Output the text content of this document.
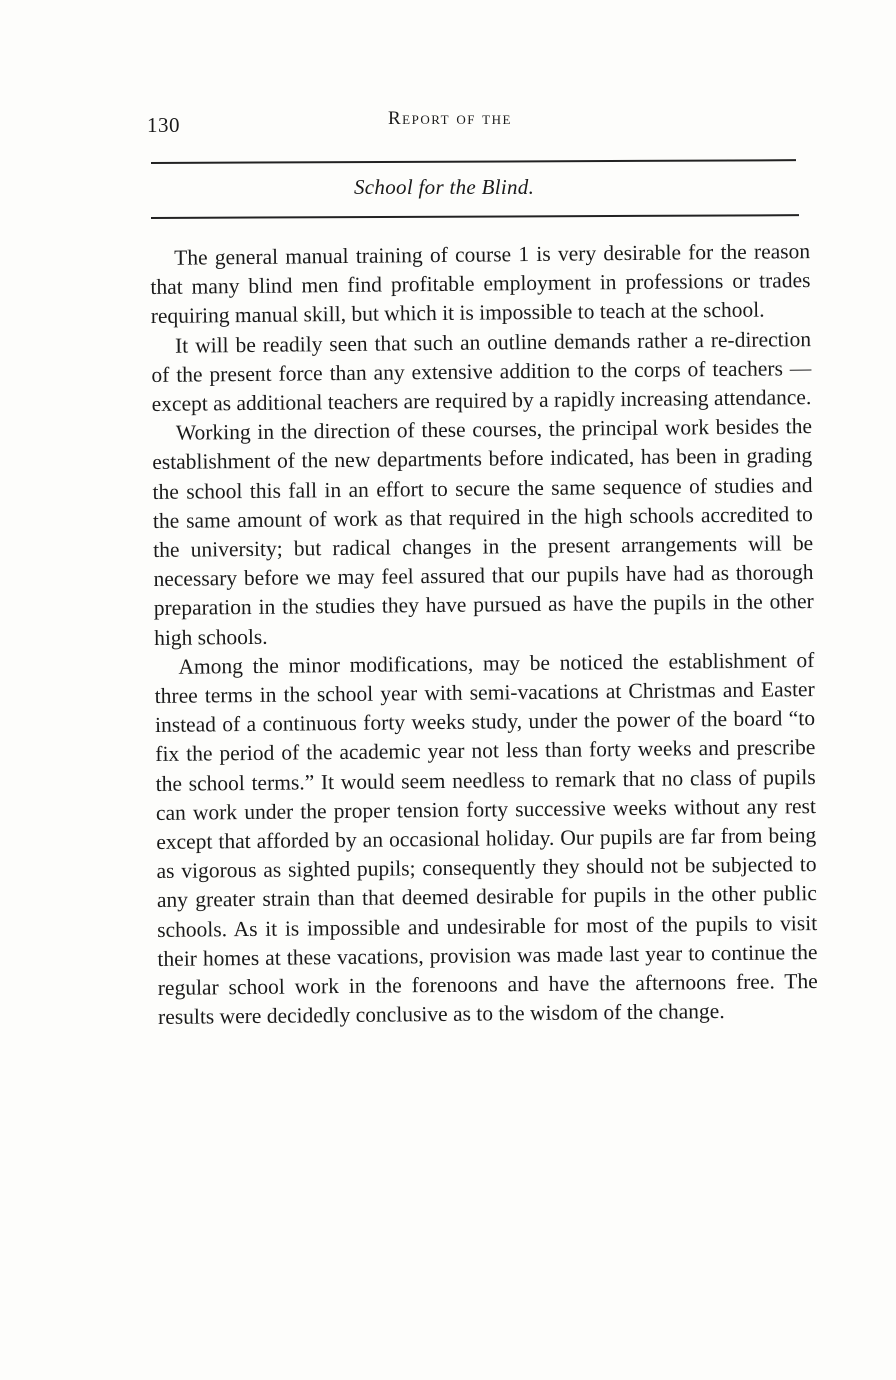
130	Report of the
School for the Blind.

The general manual training of course 1 is very desirable for the reason that many blind men find profitable employment in professions or trades requiring manual skill, but which it is impossible to teach at the school.

It will be readily seen that such an outline demands rather a re-direction of the present force than any extensive addition to the corps of teachers — except as additional teachers are required by a rapidly increasing attendance.

Working in the direction of these courses, the principal work besides the establishment of the new departments before indicated, has been in grading the school this fall in an effort to secure the same sequence of studies and the same amount of work as that required in the high schools accredited to the university; but radical changes in the present arrangements will be necessary before we may feel assured that our pupils have had as thorough preparation in the studies they have pursued as have the pupils in the other high schools.

Among the minor modifications, may be noticed the establishment of three terms in the school year with semi-vacations at Christmas and Easter instead of a continuous forty weeks study, under the power of the board “to fix the period of the academic year not less than forty weeks and prescribe the school terms.” It would seem needless to remark that no class of pupils can work under the proper tension forty successive weeks without any rest except that afforded by an occasional holiday. Our pupils are far from being as vigorous as sighted pupils; consequently they should not be subjected to any greater strain than that deemed desirable for pupils in the other public schools. As it is impossible and undesirable for most of the pupils to visit their homes at these vacations, provision was made last year to continue the regular school work in the forenoons and have the afternoons free. The results were decidedly conclusive as to the wisdom of the change.
